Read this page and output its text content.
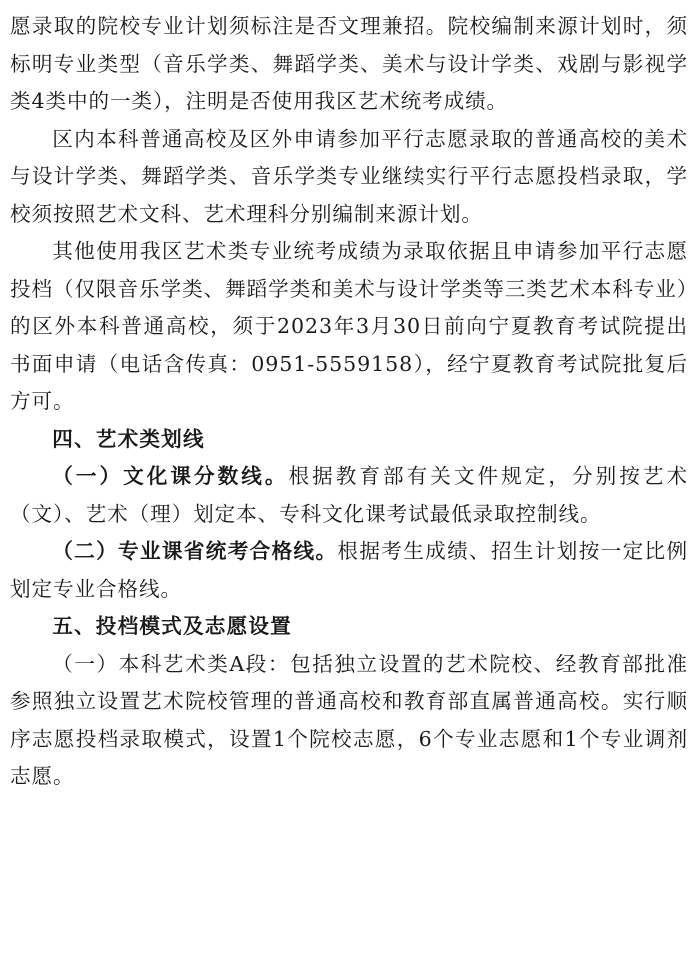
愿录取的院校专业计划须标注是否文理兼招。院校编制来源计划时，须标明专业类型（音乐学类、舞蹈学类、美术与设计学类、戏剧与影视学类4类中的一类），注明是否使用我区艺术统考成绩。

区内本科普通高校及区外申请参加平行志愿录取的普通高校的美术与设计学类、舞蹈学类、音乐学类专业继续实行平行志愿投档录取，学校须按照艺术文科、艺术理科分别编制来源计划。

其他使用我区艺术类专业统考成绩为录取依据且申请参加平行志愿投档（仅限音乐学类、舞蹈学类和美术与设计学类等三类艺术本科专业）的区外本科普通高校，须于2023年3月30日前向宁夏教育考试院提出书面申请（电话含传真：0951-5559158），经宁夏教育考试院批复后方可。

四、艺术类划线

（一）文化课分数线。根据教育部有关文件规定，分别按艺术（文）、艺术（理）划定本、专科文化课考试最低录取控制线。

（二）专业课省统考合格线。根据考生成绩、招生计划按一定比例划定专业合格线。

五、投档模式及志愿设置

（一）本科艺术类A段：包括独立设置的艺术院校、经教育部批准参照独立设置艺术院校管理的普通高校和教育部直属普通高校。实行顺序志愿投档录取模式，设置1个院校志愿，6个专业志愿和1个专业调剂志愿。
